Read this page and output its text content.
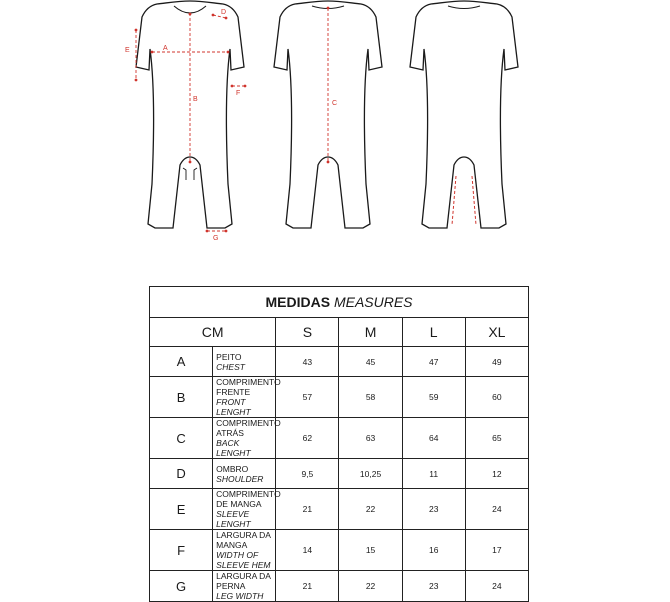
D
E	A
B
F
G
C
MEDIDAS MEASURES					
CM		S	M	L	XL
A	PEITO
CHEST	43	45	47	49
B	COMPRIMENTO FRENTE
FRONT LENGHT	57	58	59	60
C	COMPRIMENTO ATRÁS
BACK LENGHT	62	63	64	65
D	OMBRO
SHOULDER	9,5	10,25	11	12
E	COMPRIMENTO DE MANGA
SLEEVE LENGHT	21	22	23	24
F	LARGURA DA MANGA
WIDTH OF SLEEVE HEM	14	15	16	17
G	LARGURA DA PERNA
LEG WIDTH	21	22	23	24
